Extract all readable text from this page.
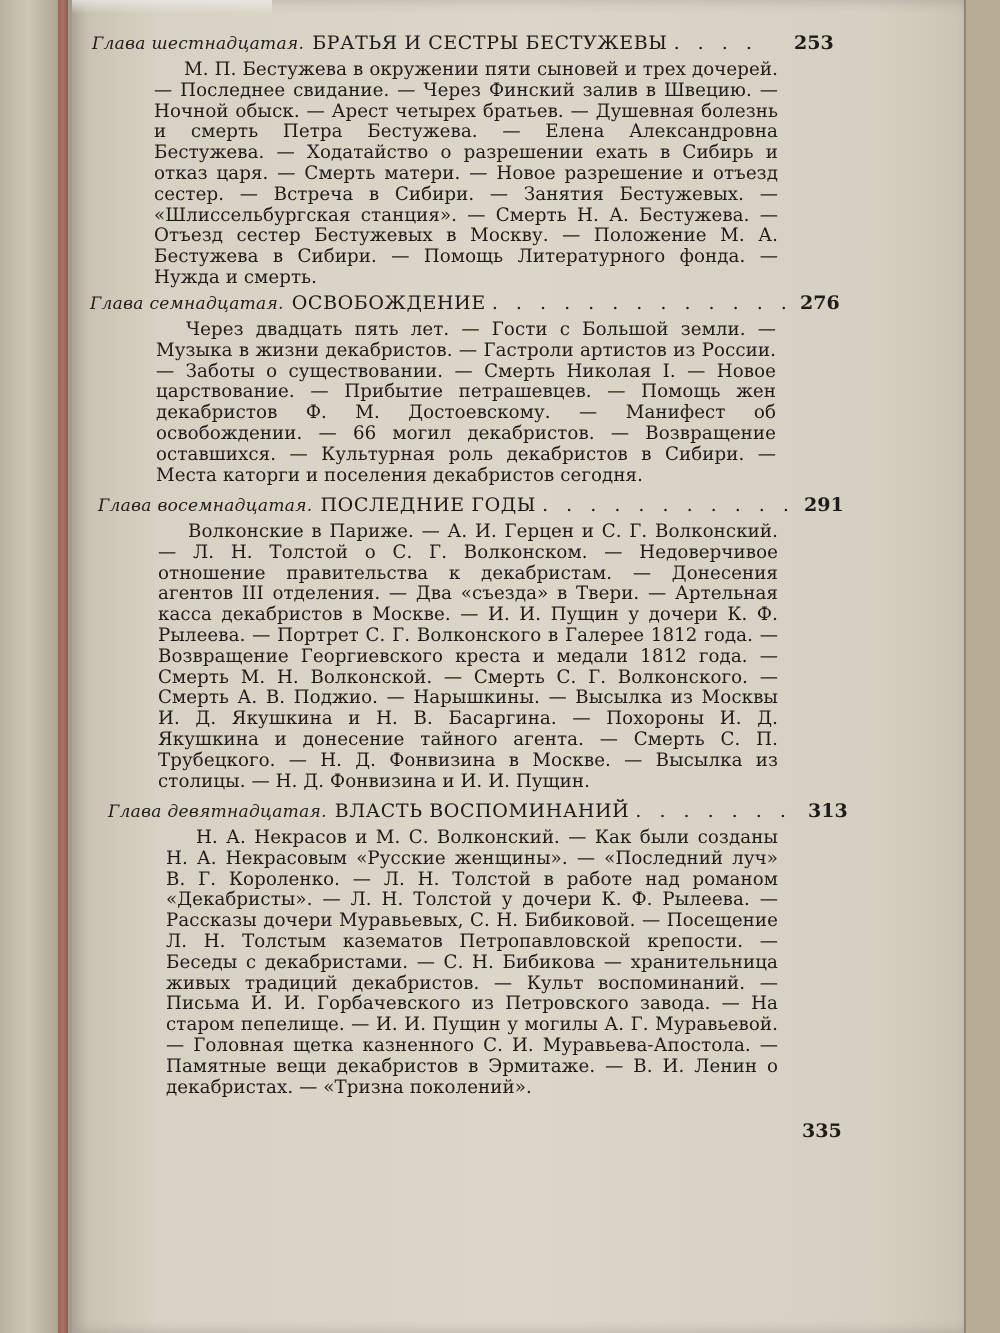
Глава шестнадцатая. БРАТЬЯ И СЕСТРЫ БЕСТУЖЕВЫ . . . . 253

М. П. Бестужева в окружении пяти сыновей и трех дочерей. — Последнее свидание. — Через Финский залив в Швецию. — Ночной обыск. — Арест четырех братьев. — Душевная болезнь и смерть Петра Бестужева. — Елена Александровна Бестужева. — Ходатайство о разрешении ехать в Сибирь и отказ царя. — Смерть матери. — Новое разрешение и отъезд сестер. — Встреча в Сибири. — Занятия Бестужевых. — «Шлиссельбургская станция». — Смерть Н. А. Бестужева. — Отъезд сестер Бестужевых в Москву. — Положение М. А. Бестужева в Сибири. — Помощь Литературного фонда. — Нужда и смерть.

Глава семнадцатая. ОСВОБОЖДЕНИЕ . . . . . . . . . . . . . 276

Через двадцать пять лет. — Гости с Большой земли. — Музыка в жизни декабристов. — Гастроли артистов из России. — Заботы о существовании. — Смерть Николая I. — Новое царствование. — Прибытие петрашевцев. — Помощь жен декабристов Ф. М. Достоевскому. — Манифест об освобождении. — 66 могил декабристов. — Возвращение оставшихся. — Культурная роль декабристов в Сибири. — Места каторги и поселения декабристов сегодня.

Глава восемнадцатая. ПОСЛЕДНИЕ ГОДЫ . . . . . . . . . . . 291

Волконские в Париже. — А. И. Герцен и С. Г. Волконский. — Л. Н. Толстой о С. Г. Волконском. — Недоверчивое отношение правительства к декабристам. — Донесения агентов III отделения. — Два «съезда» в Твери. — Артельная касса декабристов в Москве. — И. И. Пущин у дочери К. Ф. Рылеева. — Портрет С. Г. Волконского в Галерее 1812 года. — Возвращение Георгиевского креста и медали 1812 года. — Смерть М. Н. Волконской. — Смерть С. Г. Волконского. — Смерть А. В. Поджио. — Нарышкины. — Высылка из Москвы И. Д. Якушкина и Н. В. Басаргина. — Похороны И. Д. Якушкина и донесение тайного агента. — Смерть С. П. Трубецкого. — Н. Д. Фонвизина в Москве. — Высылка из столицы. — Н. Д. Фонвизина и И. И. Пущин.

Глава девятнадцатая. ВЛАСТЬ ВОСПОМИНАНИЙ . . . . . . . 313

Н. А. Некрасов и М. С. Волконский. — Как были созданы Н. А. Некрасовым «Русские женщины». — «Последний луч» В. Г. Короленко. — Л. Н. Толстой в работе над романом «Декабристы». — Л. Н. Толстой у дочери К. Ф. Рылеева. — Рассказы дочери Муравьевых, С. Н. Бибиковой. — Посещение Л. Н. Толстым казематов Петропавловской крепости. — Беседы с декабристами. — С. Н. Бибикова — хранительница живых традиций декабристов. — Культ воспоминаний. — Письма И. И. Горбачевского из Петровского завода. — На старом пепелище. — И. И. Пущин у могилы А. Г. Муравьевой. — Головная щетка казненного С. И. Муравьева-Апостола. — Памятные вещи декабристов в Эрмитаже. — В. И. Ленин о декабристах. — «Тризна поколений».

335
